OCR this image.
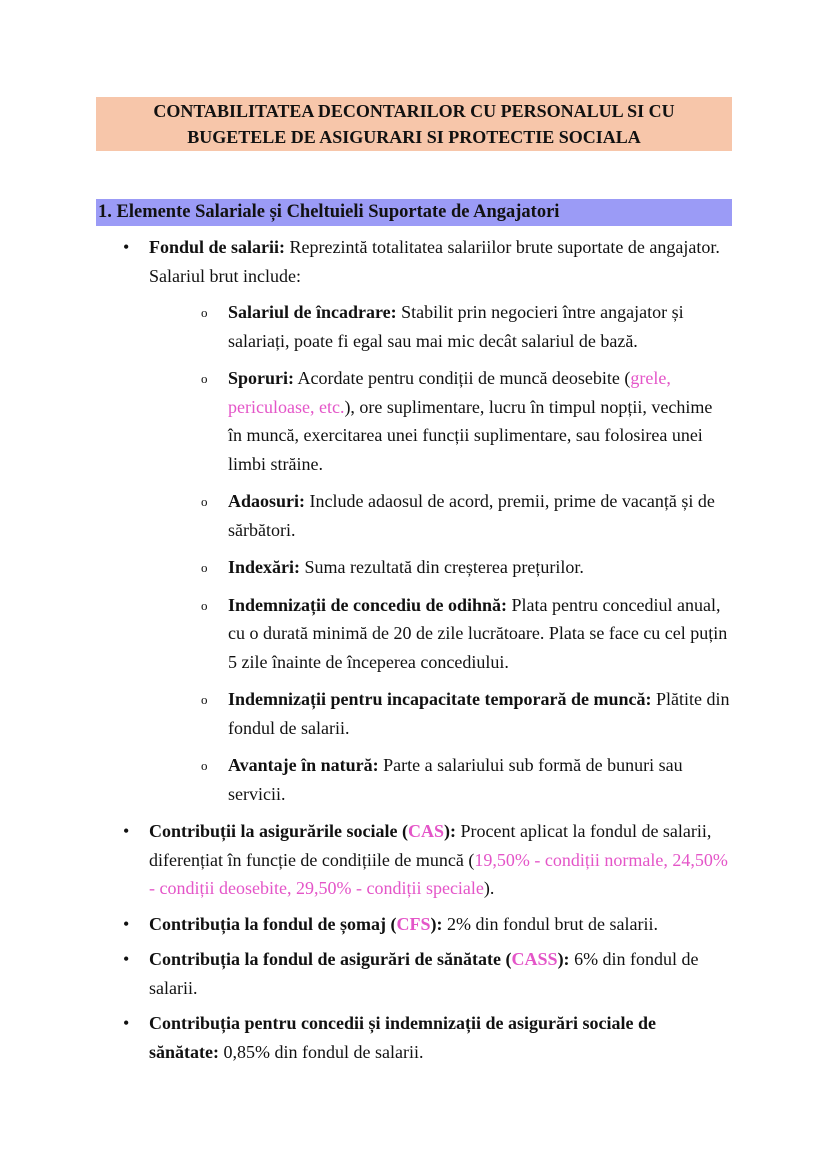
CONTABILITATEA DECONTARILOR CU PERSONALUL SI CU
BUGETELE DE ASIGURARI SI PROTECTIE SOCIALA
1. Elemente Salariale și Cheltuieli Suportate de Angajatori
• Fondul de salarii: Reprezintă totalitatea salariilor brute suportate de angajator. Salariul brut include:
o Salariul de încadrare: Stabilit prin negocieri între angajator și salariați, poate fi egal sau mai mic decât salariul de bază.
o Sporuri: Acordate pentru condiții de muncă deosebite (grele, periculoase, etc.), ore suplimentare, lucru în timpul nopții, vechime în muncă, exercitarea unei funcții suplimentare, sau folosirea unei limbi străine.
o Adaosuri: Include adaosul de acord, premii, prime de vacanță și de sărbători.
o Indexări: Suma rezultată din creșterea prețurilor.
o Indemnizații de concediu de odihnă: Plata pentru concediul anual, cu o durată minimă de 20 de zile lucrătoare. Plata se face cu cel puțin 5 zile înainte de începerea concediului.
o Indemnizații pentru incapacitate temporară de muncă: Plătite din fondul de salarii.
o Avantaje în natură: Parte a salariului sub formă de bunuri sau servicii.
• Contribuții la asigurările sociale (CAS): Procent aplicat la fondul de salarii, diferențiat în funcție de condițiile de muncă (19,50% - condiții normale, 24,50% - condiții deosebite, 29,50% - condiții speciale).
• Contribuția la fondul de șomaj (CFS): 2% din fondul brut de salarii.
• Contribuția la fondul de asigurări de sănătate (CASS): 6% din fondul de salarii.
• Contribuția pentru concedii și indemnizații de asigurări sociale de sănătate: 0,85% din fondul de salarii.
